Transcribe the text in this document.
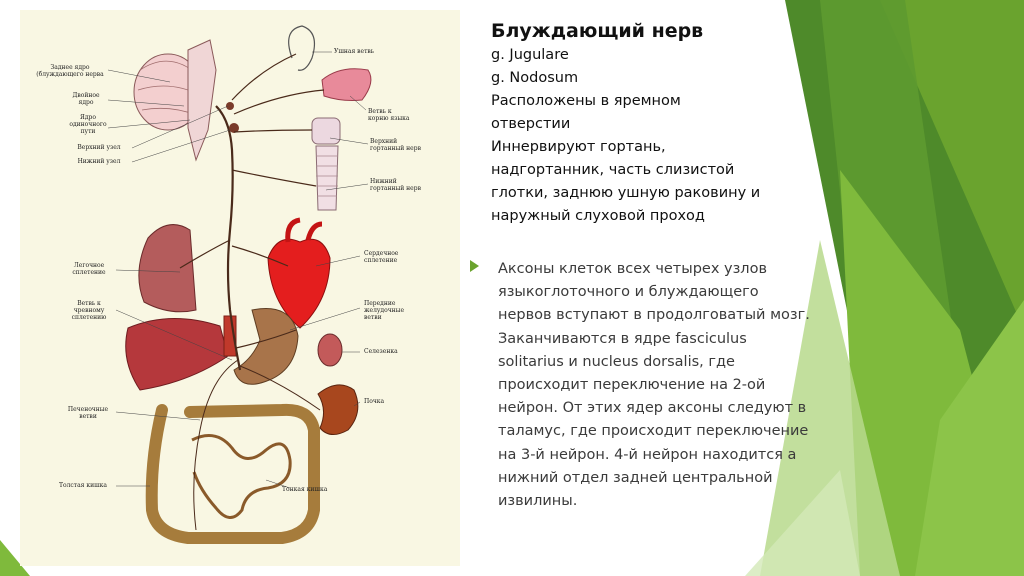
Заднее ядро
(блуждающего нерва
Двойное
ядро
Ядро
одиночного
пути
Верхний узел
Нижний узел
Ушная ветвь
Ветвь к
корню языка
Верхний
гортанный нерв
Нижний
гортанный нерв
Легочное
сплетение
Сердечное
сплетение
Ветвь к
чревному
сплетению
Передние
желудочные
ветви
Селезенка
Почка
Печеночные
ветви
Толстая кишка
Тонкая кишка
Блуждающий нерв
g. Jugulare
g. Nodosum
Расположены в яремном
отверстии
Иннервируют гортань,
надгортанник, часть слизистой
глотки, заднюю ушную раковину и
наружный слуховой проход
Аксоны клеток всех четырех узлов языкоглоточного и блуждающего нервов вступают в продолговатый мозг. Заканчиваются в ядре fasciculus solitarius и nucleus dorsalis, где происходит переключение на 2-ой нейрон. От этих ядер аксоны следуют в таламус, где происходит переключение на 3-й нейрон. 4-й нейрон находится а нижний отдел задней центральной извилины.
